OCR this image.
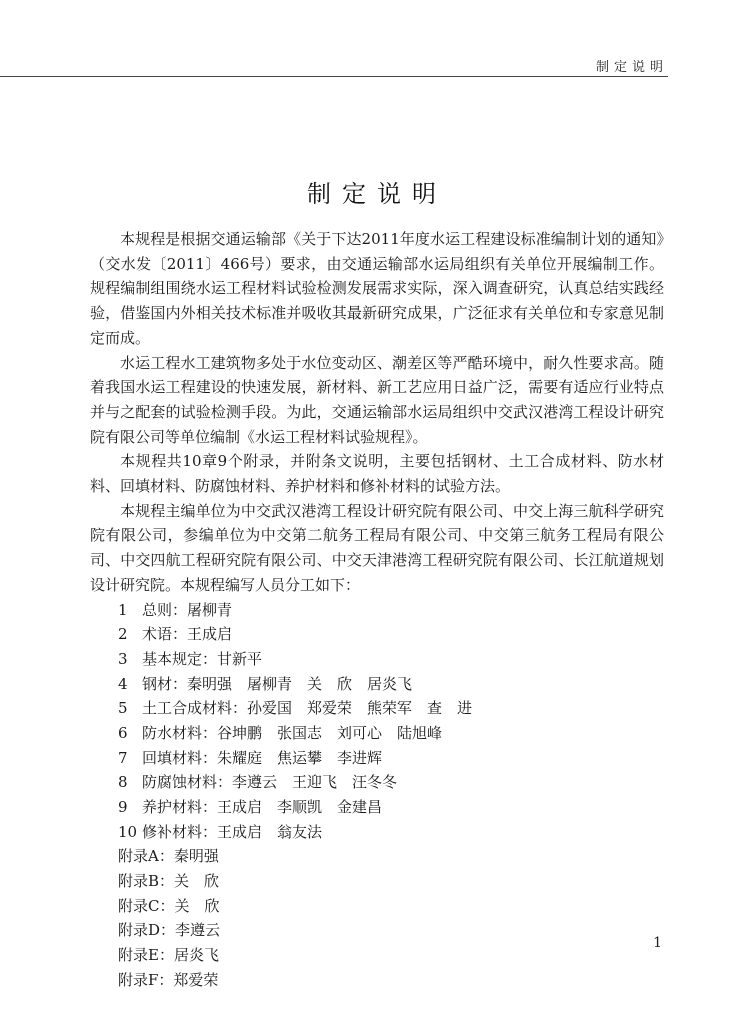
制定说明
制定说明

本规程是根据交通运输部《关于下达2011年度水运工程建设标准编制计划的通知》（交水发〔2011〕466号）要求，由交通运输部水运局组织有关单位开展编制工作。规程编制组围绕水运工程材料试验检测发展需求实际，深入调查研究，认真总结实践经验，借鉴国内外相关技术标准并吸收其最新研究成果，广泛征求有关单位和专家意见制定而成。

水运工程水工建筑物多处于水位变动区、潮差区等严酷环境中，耐久性要求高。随着我国水运工程建设的快速发展，新材料、新工艺应用日益广泛，需要有适应行业特点并与之配套的试验检测手段。为此，交通运输部水运局组织中交武汉港湾工程设计研究院有限公司等单位编制《水运工程材料试验规程》。

本规程共10章9个附录，并附条文说明，主要包括钢材、土工合成材料、防水材料、回填材料、防腐蚀材料、养护材料和修补材料的试验方法。

本规程主编单位为中交武汉港湾工程设计研究院有限公司、中交上海三航科学研究院有限公司，参编单位为中交第二航务工程局有限公司、中交第三航务工程局有限公司、中交四航工程研究院有限公司、中交天津港湾工程研究院有限公司、长江航道规划设计研究院。本规程编写人员分工如下：

1 总则：屠柳青
2 术语：王成启
3 基本规定：甘新平
4 钢材：秦明强　屠柳青　关　欣　居炎飞
5 土工合成材料：孙爱国　郑爱荣　熊荣军　查　进
6 防水材料：谷坤鹏　张国志　刘可心　陆旭峰
7 回填材料：朱耀庭　焦运攀　李进辉
8 防腐蚀材料：李遵云　王迎飞　汪冬冬
9 养护材料：王成启　李顺凯　金建昌
10 修补材料：王成启　翁友法
附录A：秦明强
附录B：关　欣
附录C：关　欣
附录D：李遵云
附录E：居炎飞
附录F：郑爱荣
1
